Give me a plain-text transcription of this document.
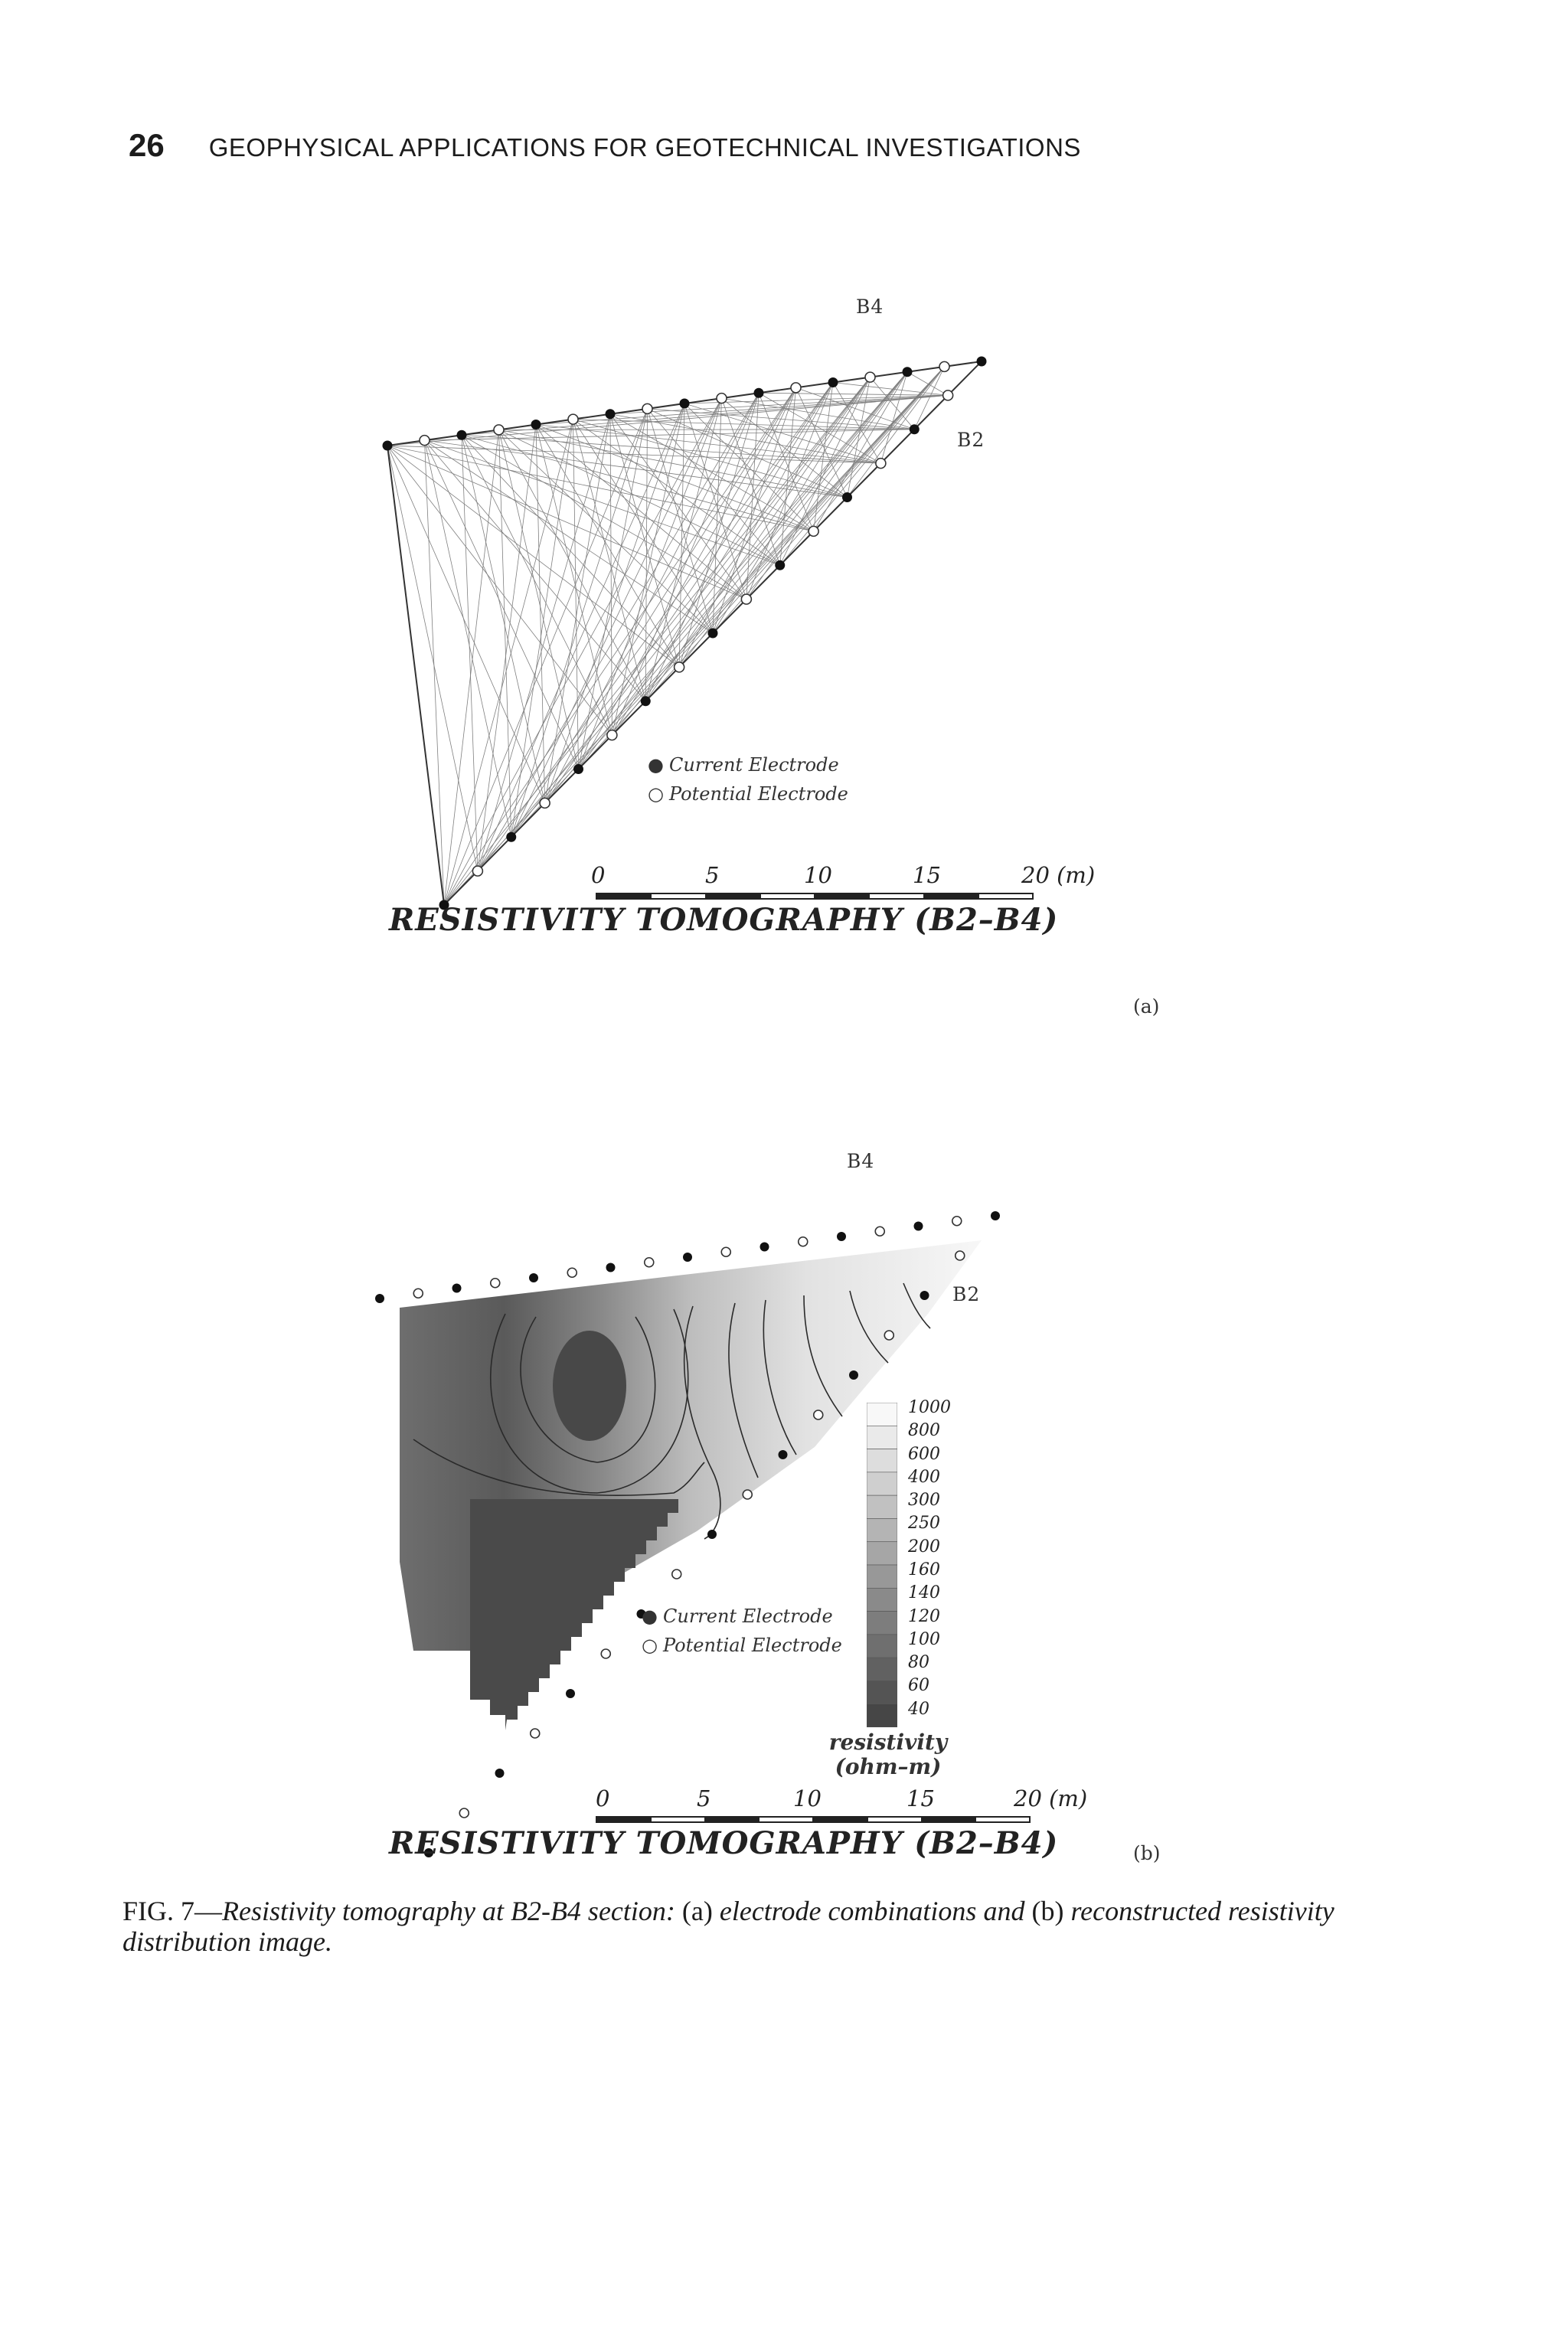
26 GEOPHYSICAL APPLICATIONS FOR GEOTECHNICAL INVESTIGATIONS
B4
B2
● Current Electrode
○ Potential Electrode
0	5	10	15	20 (m)
RESISTIVITY TOMOGRAPHY (B2–B4)
(a)
B4
B2
1000
800
600
400
300
250
200
160
140
120
100
80
60
40
resistivity
(ohm–m)
● Current Electrode
○ Potential Electrode
0	5	10	15	20 (m)
RESISTIVITY TOMOGRAPHY (B2–B4)	(b)
FIG. 7—Resistivity tomography at B2-B4 section: (a) electrode combinations and (b) reconstructed resistivity distribution image.
